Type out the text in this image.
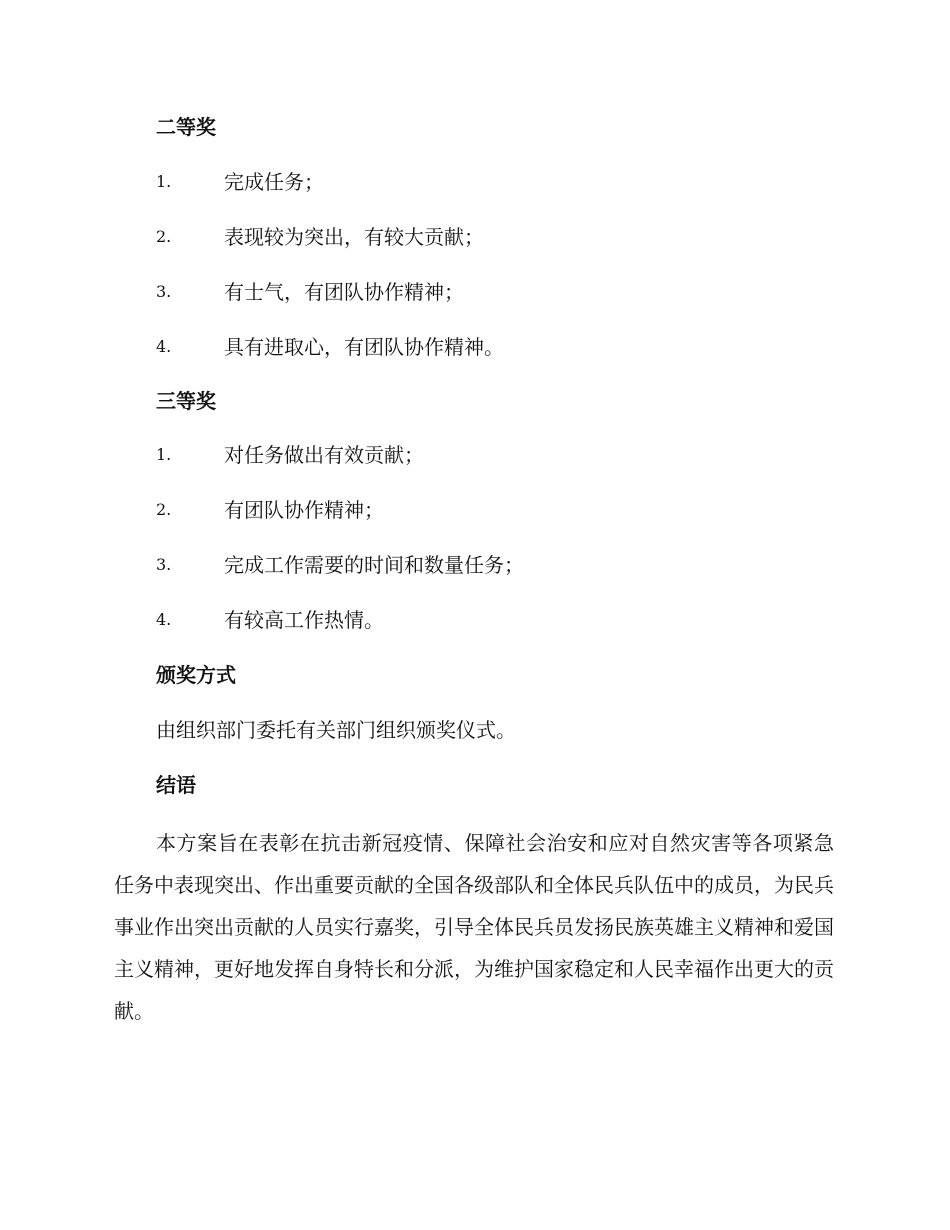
二等奖
1.	完成任务；
2.	表现较为突出，有较大贡献；
3.	有士气，有团队协作精神；
4.	具有进取心，有团队协作精神。
三等奖
1.	对任务做出有效贡献；
2.	有团队协作精神；
3.	完成工作需要的时间和数量任务；
4.	有较高工作热情。
颁奖方式

由组织部门委托有关部门组织颁奖仪式。

结语

本方案旨在表彰在抗击新冠疫情、保障社会治安和应对自然灾害等各项紧急任务中表现突出、作出重要贡献的全国各级部队和全体民兵队伍中的成员，为民兵事业作出突出贡献的人员实行嘉奖，引导全体民兵员发扬民族英雄主义精神和爱国主义精神，更好地发挥自身特长和分派，为维护国家稳定和人民幸福作出更大的贡献。
